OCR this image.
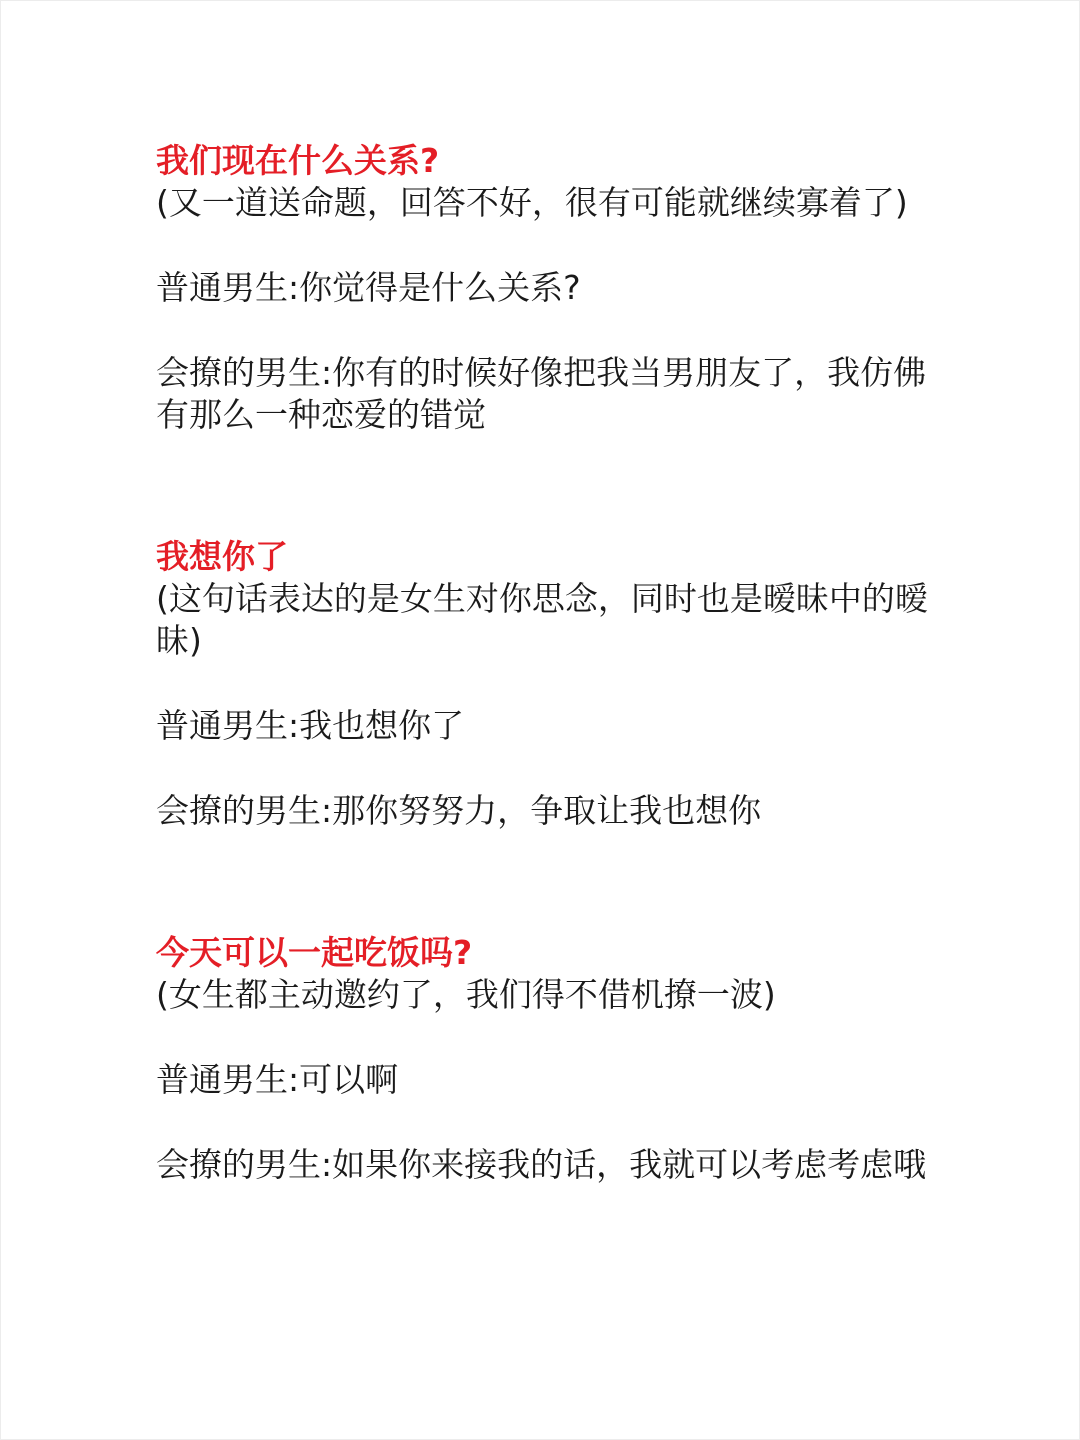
我们现在什么关系?

(又一道送命题，回答不好，很有可能就继续寡着了)

普通男生:你觉得是什么关系?

会撩的男生:你有的时候好像把我当男朋友了，我仿佛有那么一种恋爱的错觉

我想你了

(这句话表达的是女生对你思念，同时也是暧昧中的暧昧)

普通男生:我也想你了

会撩的男生:那你努努力，争取让我也想你

今天可以一起吃饭吗?

(女生都主动邀约了，我们得不借机撩一波)

普通男生:可以啊

会撩的男生:如果你来接我的话，我就可以考虑考虑哦
